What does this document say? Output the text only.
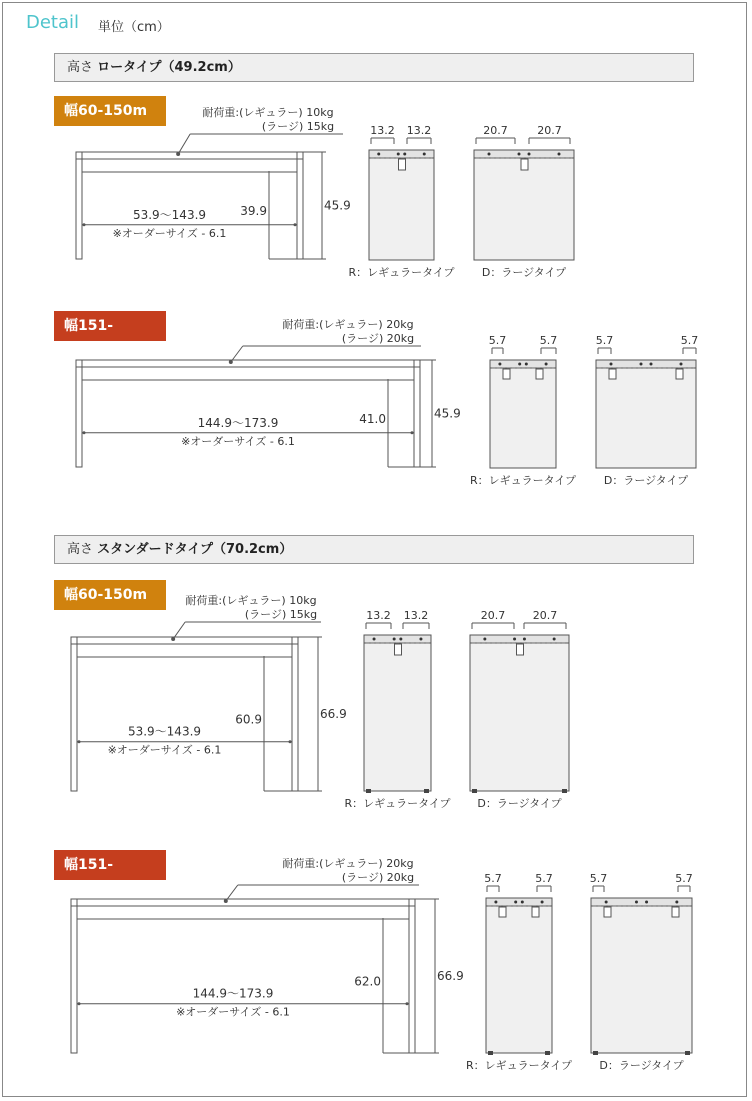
Detail 単位（cm）
高さ ロータイプ（49.2cm）
高さ スタンダードタイプ（70.2cm）
幅60-150m
幅151-180m
幅60-150m
幅151-180m
耐荷重:(レギュラー) 10kg
(ラージ) 15kg
53.9～143.9
※オーダーサイズ - 6.1
39.9	45.9
13.2 13.2
R：レギュラータイプ
20.7	20.7
D：ラージタイプ
耐荷重:(レギュラー) 20kg
(ラージ) 20kg
144.9～173.9
※オーダーサイズ - 6.1
41.0	45.9
5.7	5.7
R：レギュラータイプ
5.7	5.7
D：ラージタイプ
耐荷重:(レギュラー) 10kg
(ラージ) 15kg
53.9～143.9
※オーダーサイズ - 6.1
60.9	66.9
13.2 13.2
R：レギュラータイプ
20.7	20.7
D：ラージタイプ
耐荷重:(レギュラー) 20kg
(ラージ) 20kg
144.9～173.9
※オーダーサイズ - 6.1
62.0	66.9
5.7	5.7
R：レギュラータイプ
5.7	5.7
D：ラージタイプ
